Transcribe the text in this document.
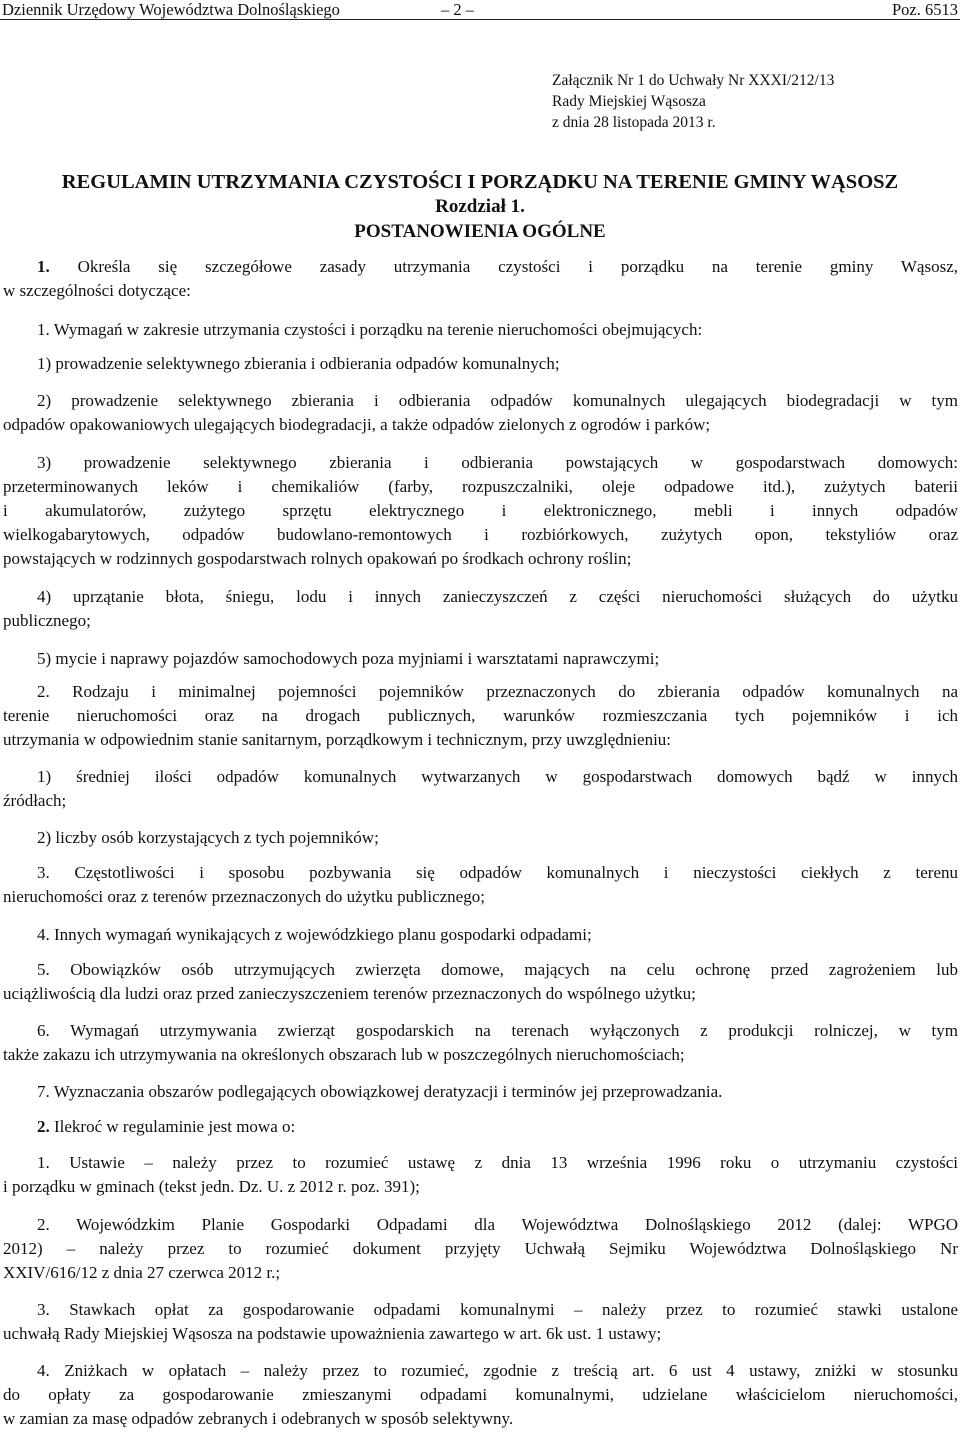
Dziennik Urzędowy Województwa Dolnośląskiego	– 2 –	Poz. 6513
Załącznik Nr 1 do Uchwały Nr XXXI/212/13
Rady Miejskiej Wąsosza
z dnia 28 listopada 2013 r.
REGULAMIN UTRZYMANIA CZYSTOŚCI I PORZĄDKU NA TERENIE GMINY WĄSOSZ
Rozdział 1.
POSTANOWIENIA OGÓLNE
1. Określa się szczegółowe zasady utrzymania czystości i porządku na terenie gminy Wąsosz,
w szczególności dotyczące:
1. Wymagań w zakresie utrzymania czystości i porządku na terenie nieruchomości obejmujących:
1) prowadzenie selektywnego zbierania i odbierania odpadów komunalnych;
2) prowadzenie selektywnego zbierania i odbierania odpadów komunalnych ulegających biodegradacji w tym
odpadów opakowaniowych ulegających biodegradacji, a także odpadów zielonych z ogrodów i parków;
3) prowadzenie selektywnego zbierania i odbierania powstających w gospodarstwach domowych:
przeterminowanych leków i chemikaliów (farby, rozpuszczalniki, oleje odpadowe itd.), zużytych baterii
i akumulatorów, zużytego sprzętu elektrycznego i elektronicznego, mebli i innych odpadów
wielkogabarytowych, odpadów budowlano-remontowych i rozbiórkowych, zużytych opon, tekstyliów oraz
powstających w rodzinnych gospodarstwach rolnych opakowań po środkach ochrony roślin;
4) uprzątanie błota, śniegu, lodu i innych zanieczyszczeń z części nieruchomości służących do użytku
publicznego;
5) mycie i naprawy pojazdów samochodowych poza myjniami i warsztatami naprawczymi;
2. Rodzaju i minimalnej pojemności pojemników przeznaczonych do zbierania odpadów komunalnych na
terenie nieruchomości oraz na drogach publicznych, warunków rozmieszczania tych pojemników i ich
utrzymania w odpowiednim stanie sanitarnym, porządkowym i technicznym, przy uwzględnieniu:
1) średniej ilości odpadów komunalnych wytwarzanych w gospodarstwach domowych bądź w innych
źródłach;
2) liczby osób korzystających z tych pojemników;
3. Częstotliwości i sposobu pozbywania się odpadów komunalnych i nieczystości ciekłych z terenu
nieruchomości oraz z terenów przeznaczonych do użytku publicznego;
4. Innych wymagań wynikających z wojewódzkiego planu gospodarki odpadami;
5. Obowiązków osób utrzymujących zwierzęta domowe, mających na celu ochronę przed zagrożeniem lub
uciążliwością dla ludzi oraz przed zanieczyszczeniem terenów przeznaczonych do wspólnego użytku;
6. Wymagań utrzymywania zwierząt gospodarskich na terenach wyłączonych z produkcji rolniczej, w tym
także zakazu ich utrzymywania na określonych obszarach lub w poszczególnych nieruchomościach;
7. Wyznaczania obszarów podlegających obowiązkowej deratyzacji i terminów jej przeprowadzania.
2. Ilekroć w regulaminie jest mowa o:
1. Ustawie – należy przez to rozumieć ustawę z dnia 13 września 1996 roku o utrzymaniu czystości
i porządku w gminach (tekst jedn. Dz. U. z 2012 r. poz. 391);
2. Wojewódzkim Planie Gospodarki Odpadami dla Województwa Dolnośląskiego 2012 (dalej: WPGO
2012) – należy przez to rozumieć dokument przyjęty Uchwałą Sejmiku Województwa Dolnośląskiego Nr
XXIV/616/12 z dnia 27 czerwca 2012 r.;
3. Stawkach opłat za gospodarowanie odpadami komunalnymi – należy przez to rozumieć stawki ustalone
uchwałą Rady Miejskiej Wąsosza na podstawie upoważnienia zawartego w art. 6k ust. 1 ustawy;
4. Zniżkach w opłatach – należy przez to rozumieć, zgodnie z treścią art. 6 ust 4 ustawy, zniżki w stosunku
do opłaty za gospodarowanie zmieszanymi odpadami komunalnymi, udzielane właścicielom nieruchomości,
w zamian za masę odpadów zebranych i odebranych w sposób selektywny.
